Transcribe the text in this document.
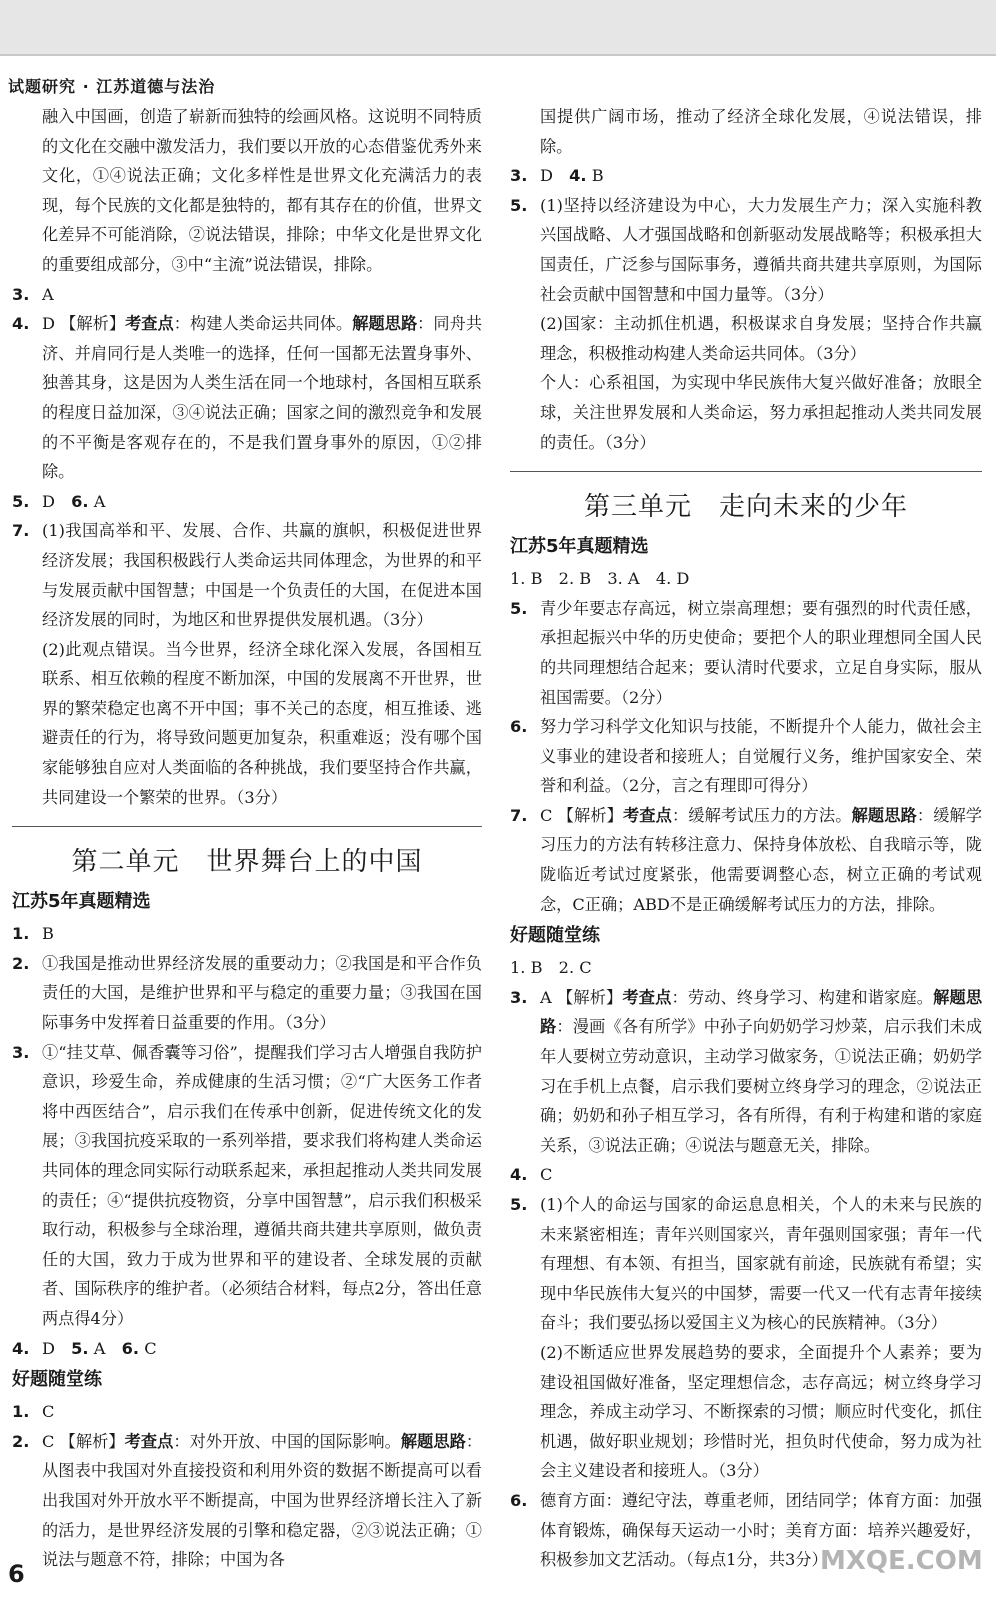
试题研究 · 江苏道德与法治
融入中国画，创造了崭新而独特的绘画风格。这说明不同特质的文化在交融中激发活力，我们要以开放的心态借鉴优秀外来文化，①④说法正确；文化多样性是世界文化充满活力的表现，每个民族的文化都是独特的，都有其存在的价值，世界文化差异不可能消除，②说法错误，排除；中华文化是世界文化的重要组成部分，③中“主流”说法错误，排除。
3. A
4. D 【解析】考查点：构建人类命运共同体。解题思路：同舟共济、并肩同行是人类唯一的选择，任何一国都无法置身事外、独善其身，这是因为人类生活在同一个地球村，各国相互联系的程度日益加深，③④说法正确；国家之间的激烈竞争和发展的不平衡是客观存在的，不是我们置身事外的原因，①②排除。
5. D　 6. A
7. (1)我国高举和平、发展、合作、共赢的旗帜，积极促进世界经济发展；我国积极践行人类命运共同体理念，为世界的和平与发展贡献中国智慧；中国是一个负责任的大国，在促进本国经济发展的同时，为地区和世界提供发展机遇。（3分）
(2)此观点错误。当今世界，经济全球化深入发展，各国相互联系、相互依赖的程度不断加深，中国的发展离不开世界，世界的繁荣稳定也离不开中国；事不关己的态度，相互推诿、逃避责任的行为，将导致问题更加复杂，积重难返；没有哪个国家能够独自应对人类面临的各种挑战，我们要坚持合作共赢，共同建设一个繁荣的世界。（3分）
第二单元　世界舞台上的中国
江苏5年真题精选
1. B
2. ①我国是推动世界经济发展的重要动力；②我国是和平合作负责任的大国，是维护世界和平与稳定的重要力量；③我国在国际事务中发挥着日益重要的作用。（3分）
3. ①“挂艾草、佩香囊等习俗”，提醒我们学习古人增强自我防护意识，珍爱生命，养成健康的生活习惯；②“广大医务工作者将中西医结合”，启示我们在传承中创新，促进传统文化的发展；③我国抗疫采取的一系列举措，要求我们将构建人类命运共同体的理念同实际行动联系起来，承担起推动人类共同发展的责任；④“提供抗疫物资，分享中国智慧”，启示我们积极采取行动，积极参与全球治理，遵循共商共建共享原则，做负责任的大国，致力于成为世界和平的建设者、全球发展的贡献者、国际秩序的维护者。（必须结合材料，每点2分，答出任意两点得4分）
4. D　 5. A　 6. C
好题随堂练
1. C
2. C 【解析】考查点：对外开放、中国的国际影响。解题思路：从图表中我国对外直接投资和利用外资的数据不断提高可以看出我国对外开放水平不断提高，中国为世界经济增长注入了新的活力，是世界经济发展的引擎和稳定器，②③说法正确；①说法与题意不符，排除；中国为各
国提供广阔市场，推动了经济全球化发展，④说法错误，排除。
3. D　 4. B
5. (1)坚持以经济建设为中心，大力发展生产力；深入实施科教兴国战略、人才强国战略和创新驱动发展战略等；积极承担大国责任，广泛参与国际事务，遵循共商共建共享原则，为国际社会贡献中国智慧和中国力量等。（3分）
(2)国家：主动抓住机遇，积极谋求自身发展；坚持合作共赢理念，积极推动构建人类命运共同体。（3分）
个人：心系祖国，为实现中华民族伟大复兴做好准备；放眼全球，关注世界发展和人类命运，努力承担起推动人类共同发展的责任。（3分）
第三单元　走向未来的少年
江苏5年真题精选
1. B　2. B　3. A　4. D
5. 青少年要志存高远，树立崇高理想；要有强烈的时代责任感，承担起振兴中华的历史使命；要把个人的职业理想同全国人民的共同理想结合起来；要认清时代要求，立足自身实际，服从祖国需要。（2分）
6. 努力学习科学文化知识与技能，不断提升个人能力，做社会主义事业的建设者和接班人；自觉履行义务，维护国家安全、荣誉和利益。（2分，言之有理即可得分）
7. C 【解析】考查点：缓解考试压力的方法。解题思路：缓解学习压力的方法有转移注意力、保持身体放松、自我暗示等，陇陇临近考试过度紧张，他需要调整心态，树立正确的考试观念，C正确；ABD不是正确缓解考试压力的方法，排除。
好题随堂练
1. B　2. C
3. A 【解析】考查点：劳动、终身学习、构建和谐家庭。解题思路：漫画《各有所学》中孙子向奶奶学习炒菜，启示我们未成年人要树立劳动意识，主动学习做家务，①说法正确；奶奶学习在手机上点餐，启示我们要树立终身学习的理念，②说法正确；奶奶和孙子相互学习，各有所得，有利于构建和谐的家庭关系，③说法正确；④说法与题意无关，排除。
4. C
5. (1)个人的命运与国家的命运息息相关，个人的未来与民族的未来紧密相连；青年兴则国家兴，青年强则国家强；青年一代有理想、有本领、有担当，国家就有前途，民族就有希望；实现中华民族伟大复兴的中国梦，需要一代又一代有志青年接续奋斗；我们要弘扬以爱国主义为核心的民族精神。（3分）
(2)不断适应世界发展趋势的要求，全面提升个人素养；要为建设祖国做好准备，坚定理想信念，志存高远；树立终身学习理念，养成主动学习、不断探索的习惯；顺应时代变化，抓住机遇，做好职业规划；珍惜时光，担负时代使命，努力成为社会主义建设者和接班人。（3分）
6. 德育方面：遵纪守法，尊重老师，团结同学；体育方面：加强体育锻炼，确保每天运动一小时；美育方面：培养兴趣爱好，积极参加文艺活动。（每点1分，共3分）
6	MXQE.COM
